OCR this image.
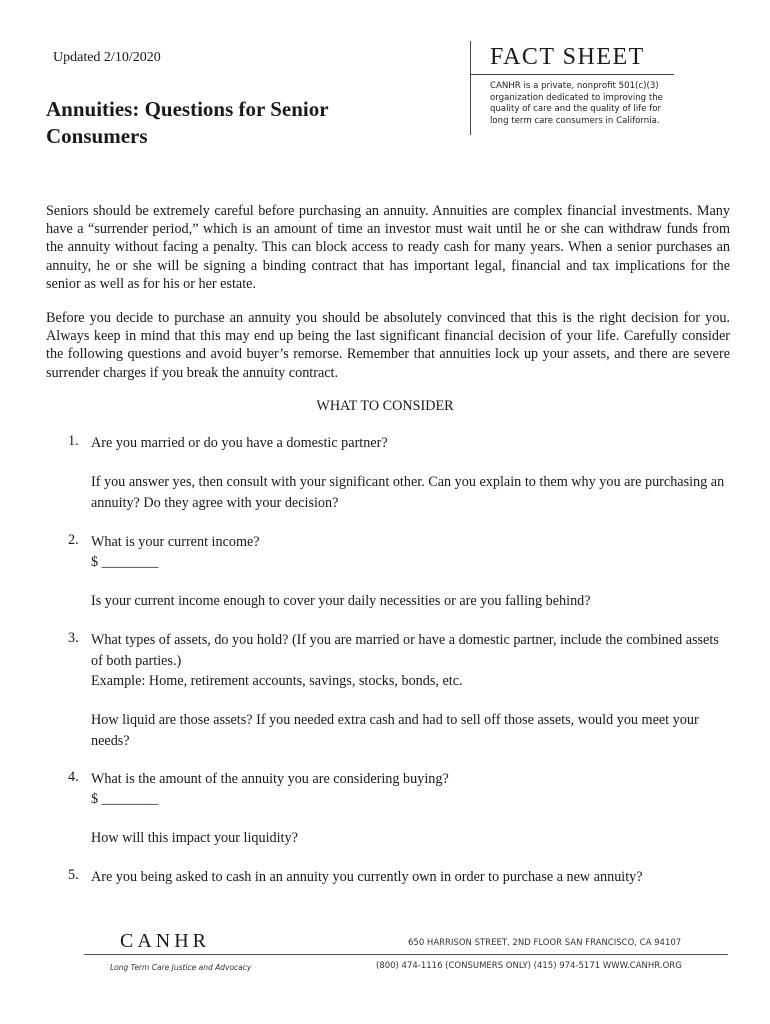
Updated 2/10/2020
Annuities: Questions for Senior Consumers
FACT SHEET
CANHR is a private, nonprofit 501(c)(3) organization dedicated to improving the quality of care and the quality of life for long term care consumers in California.
Seniors should be extremely careful before purchasing an annuity. Annuities are complex financial investments. Many have a “surrender period,” which is an amount of time an investor must wait until he or she can withdraw funds from the annuity without facing a penalty. This can block access to ready cash for many years. When a senior purchases an annuity, he or she will be signing a binding contract that has important legal, financial and tax implications for the senior as well as for his or her estate.
Before you decide to purchase an annuity you should be absolutely convinced that this is the right decision for you. Always keep in mind that this may end up being the last significant financial decision of your life. Carefully consider the following questions and avoid buyer’s remorse. Remember that annuities lock up your assets, and there are severe surrender charges if you break the annuity contract.
WHAT TO CONSIDER
1. Are you married or do you have a domestic partner?
If you answer yes, then consult with your significant other. Can you explain to them why you are purchasing an annuity? Do they agree with your decision?
2. What is your current income?
$ ________
Is your current income enough to cover your daily necessities or are you falling behind?
3. What types of assets, do you hold? (If you are married or have a domestic partner, include the combined assets of both parties.)
Example: Home, retirement accounts, savings, stocks, bonds, etc.
How liquid are those assets? If you needed extra cash and had to sell off those assets, would you meet your needs?
4. What is the amount of the annuity you are considering buying?
$ ________
How will this impact your liquidity?
5. Are you being asked to cash in an annuity you currently own in order to purchase a new annuity?
CANHR	650 HARRISON STREET, 2ND FLOOR SAN FRANCISCO, CA 94107
Long Term Care Justice and Advocacy	(800) 474-1116 (CONSUMERS ONLY) (415) 974-5171 WWW.CANHR.ORG
